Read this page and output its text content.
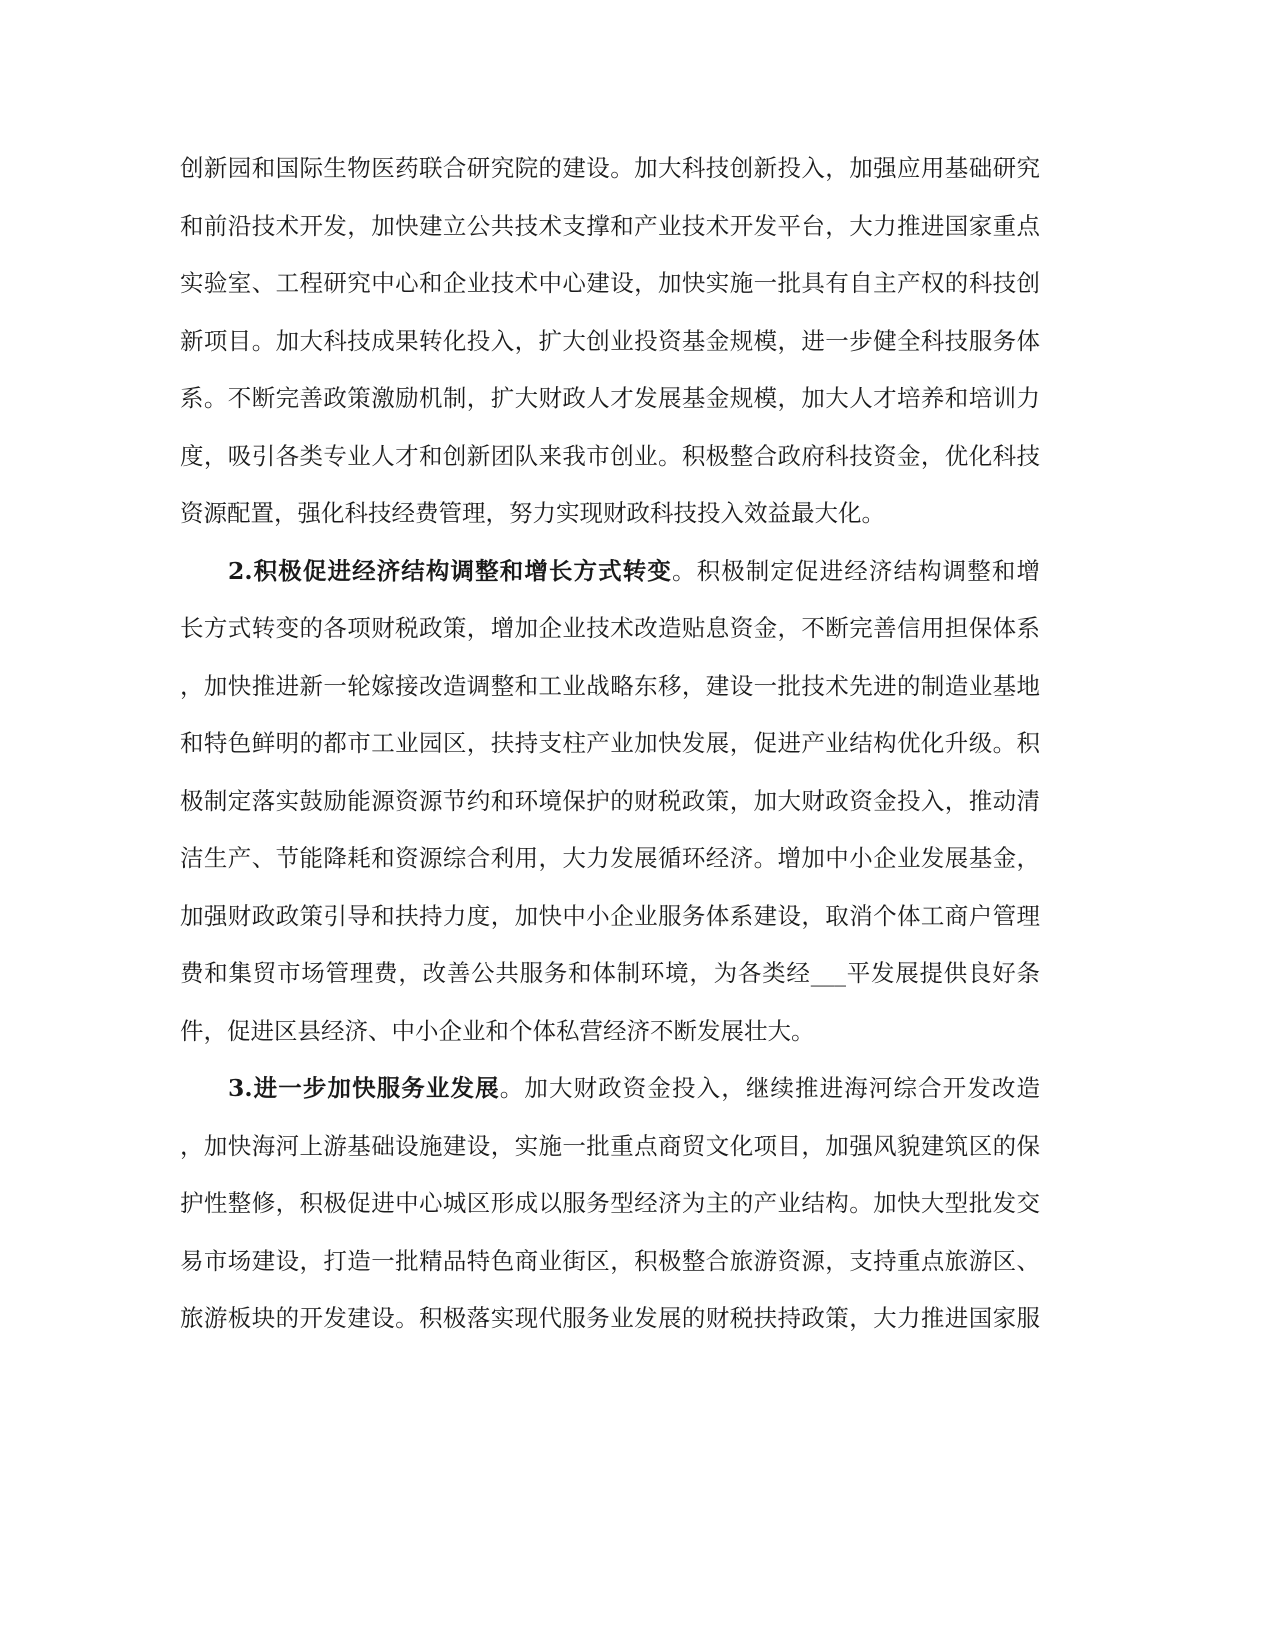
创新园和国际生物医药联合研究院的建设。加大科技创新投入，加强应用基础研究
和前沿技术开发，加快建立公共技术支撑和产业技术开发平台，大力推进国家重点
实验室、工程研究中心和企业技术中心建设，加快实施一批具有自主产权的科技创
新项目。加大科技成果转化投入，扩大创业投资基金规模，进一步健全科技服务体
系。不断完善政策激励机制，扩大财政人才发展基金规模，加大人才培养和培训力
度，吸引各类专业人才和创新团队来我市创业。积极整合政府科技资金，优化科技
资源配置，强化科技经费管理，努力实现财政科技投入效益最大化。
2.积极促进经济结构调整和增长方式转变。积极制定促进经济结构调整和增
长方式转变的各项财税政策，增加企业技术改造贴息资金，不断完善信用担保体系
，加快推进新一轮嫁接改造调整和工业战略东移，建设一批技术先进的制造业基地
和特色鲜明的都市工业园区，扶持支柱产业加快发展，促进产业结构优化升级。积
极制定落实鼓励能源资源节约和环境保护的财税政策，加大财政资金投入，推动清
洁生产、节能降耗和资源综合利用，大力发展循环经济。增加中小企业发展基金，
加强财政政策引导和扶持力度，加快中小企业服务体系建设，取消个体工商户管理
费和集贸市场管理费，改善公共服务和体制环境，为各类经___平发展提供良好条
件，促进区县经济、中小企业和个体私营经济不断发展壮大。
3.进一步加快服务业发展。加大财政资金投入，继续推进海河综合开发改造
，加快海河上游基础设施建设，实施一批重点商贸文化项目，加强风貌建筑区的保
护性整修，积极促进中心城区形成以服务型经济为主的产业结构。加快大型批发交
易市场建设，打造一批精品特色商业街区，积极整合旅游资源，支持重点旅游区、
旅游板块的开发建设。积极落实现代服务业发展的财税扶持政策，大力推进国家服
